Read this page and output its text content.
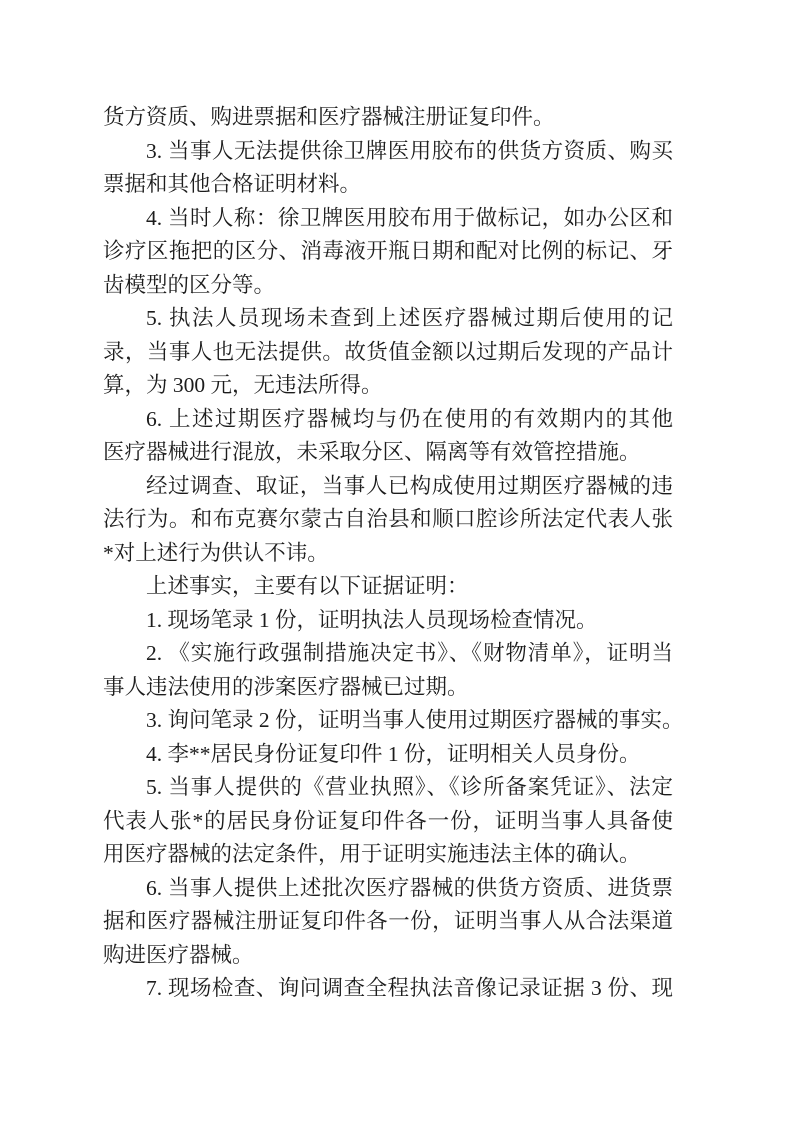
货方资质、购进票据和医疗器械注册证复印件。

3. 当事人无法提供徐卫牌医用胶布的供货方资质、购买
票据和其他合格证明材料。

4. 当时人称：徐卫牌医用胶布用于做标记，如办公区和
诊疗区拖把的区分、消毒液开瓶日期和配对比例的标记、牙
齿模型的区分等。

5. 执法人员现场未查到上述医疗器械过期后使用的记
录，当事人也无法提供。故货值金额以过期后发现的产品计
算，为 300 元，无违法所得。

6. 上述过期医疗器械均与仍在使用的有效期内的其他
医疗器械进行混放，未采取分区、隔离等有效管控措施。

经过调查、取证，当事人已构成使用过期医疗器械的违
法行为。和布克赛尔蒙古自治县和顺口腔诊所法定代表人张
*对上述行为供认不讳。

上述事实，主要有以下证据证明：

1. 现场笔录 1 份，证明执法人员现场检查情况。

2. 《实施行政强制措施决定书》、《财物清单》，证明当
事人违法使用的涉案医疗器械已过期。

3. 询问笔录 2 份，证明当事人使用过期医疗器械的事实。

4. 李**居民身份证复印件 1 份，证明相关人员身份。

5. 当事人提供的《营业执照》、《诊所备案凭证》、法定
代表人张*的居民身份证复印件各一份，证明当事人具备使
用医疗器械的法定条件，用于证明实施违法主体的确认。

6. 当事人提供上述批次医疗器械的供货方资质、进货票
据和医疗器械注册证复印件各一份，证明当事人从合法渠道
购进医疗器械。

7. 现场检查、询问调查全程执法音像记录证据 3 份、现
